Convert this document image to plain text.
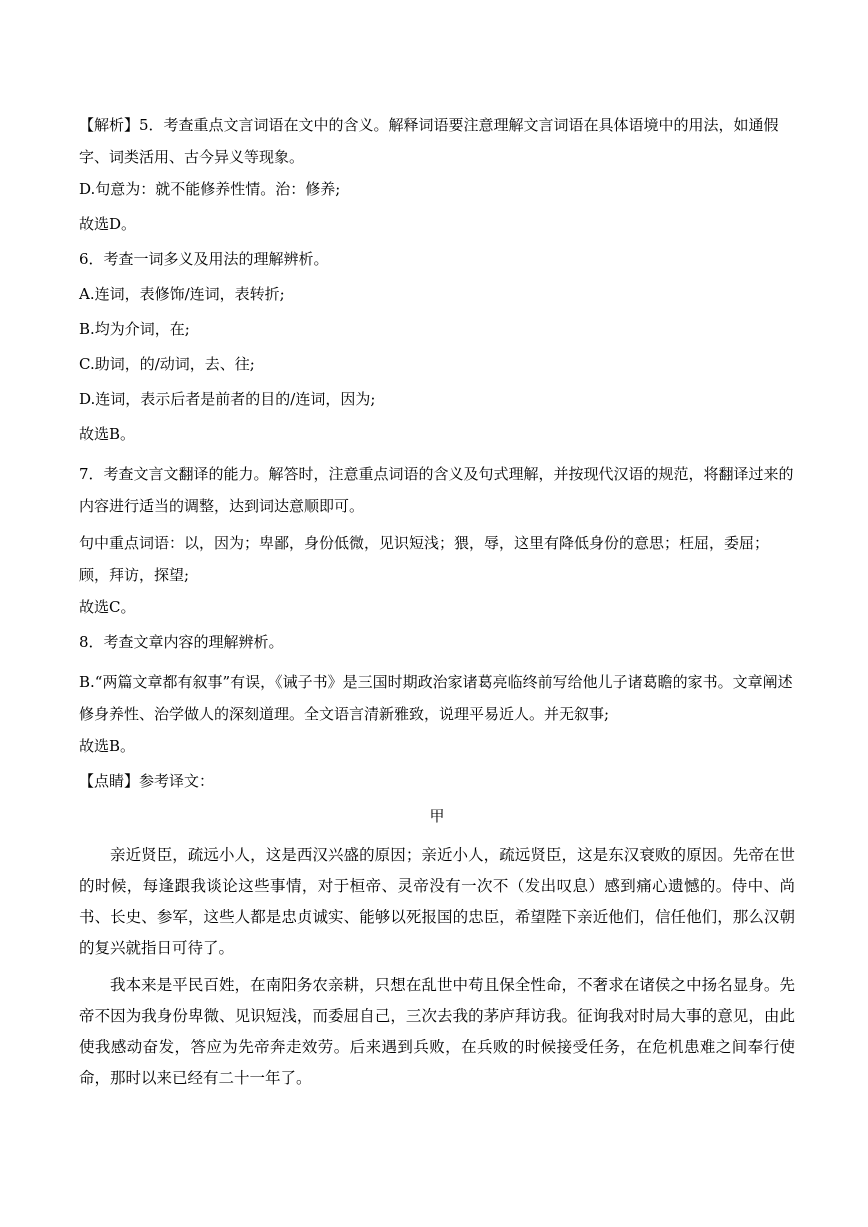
【解析】5．考查重点文言词语在文中的含义。解释词语要注意理解文言词语在具体语境中的用法，如通假字、词类活用、古今异义等现象。

D.句意为：就不能修养性情。治：修养;

故选D。

6．考查一词多义及用法的理解辨析。

A.连词，表修饰/连词，表转折;

B.均为介词，在;

C.助词，的/动词，去、往;

D.连词，表示后者是前者的目的/连词，因为;

故选B。

7．考查文言文翻译的能力。解答时，注意重点词语的含义及句式理解，并按现代汉语的规范，将翻译过来的内容进行适当的调整，达到词达意顺即可。

句中重点词语：以，因为；卑鄙，身份低微，见识短浅；猥，辱，这里有降低身份的意思；枉屈，委屈；顾，拜访，探望;

故选C。

8．考查文章内容的理解辨析。

B.“两篇文章都有叙事”有误，《诫子书》是三国时期政治家诸葛亮临终前写给他儿子诸葛瞻的家书。文章阐述修身养性、治学做人的深刻道理。全文语言清新雅致，说理平易近人。并无叙事;

故选B。

【点睛】参考译文：

甲

亲近贤臣，疏远小人，这是西汉兴盛的原因；亲近小人，疏远贤臣，这是东汉衰败的原因。先帝在世的时候，每逢跟我谈论这些事情，对于桓帝、灵帝没有一次不（发出叹息）感到痛心遗憾的。侍中、尚书、长史、参军，这些人都是忠贞诚实、能够以死报国的忠臣，希望陛下亲近他们，信任他们，那么汉朝的复兴就指日可待了。

我本来是平民百姓，在南阳务农亲耕，只想在乱世中苟且保全性命，不奢求在诸侯之中扬名显身。先帝不因为我身份卑微、见识短浅，而委屈自己，三次去我的茅庐拜访我。征询我对时局大事的意见，由此使我感动奋发，答应为先帝奔走效劳。后来遇到兵败，在兵败的时候接受任务，在危机患难之间奉行使命，那时以来已经有二十一年了。
